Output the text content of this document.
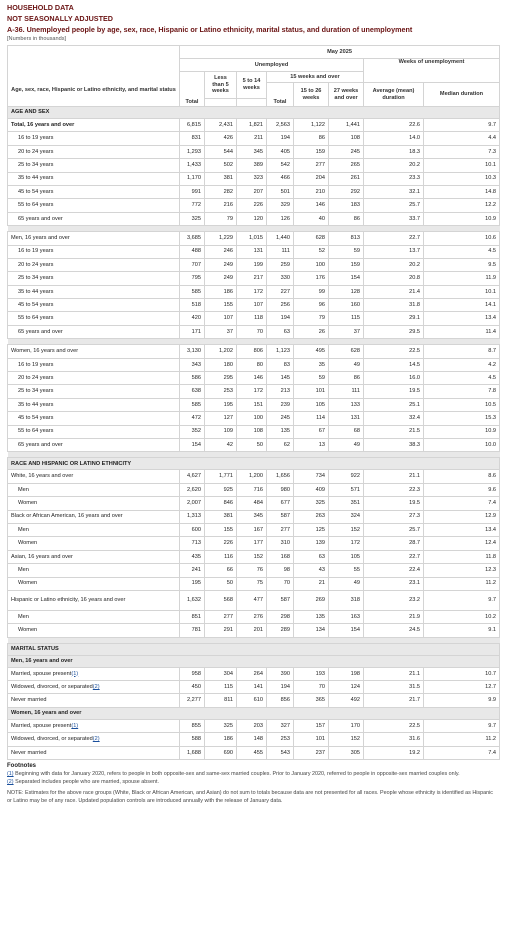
HOUSEHOLD DATA
NOT SEASONALLY ADJUSTED
A-36. Unemployed people by age, sex, race, Hispanic or Latino ethnicity, marital status, and duration of unemployment
[Numbers in thousands]
	May 2025							
	Unemployed						Weeks of unemployment	
		Less than 5 weeks	5 to 14 weeks	15 weeks and over				
Age, sex, race, Hispanic or Latino ethnicity, and marital status				Total	15 to 26 weeks	27 weeks and over	Average (mean) duration	Median duration
	Total							
AGE AND SEX								
Total, 16 years and over	6,815	2,431	1,821	2,563	1,122	1,441	22.6	9.7
16 to 19 years	831	426	211	194	86	108	14.0	4.4
20 to 24 years	1,293	544	345	405	159	245	18.3	7.3
25 to 34 years	1,433	502	389	542	277	265	20.2	10.1
35 to 44 years	1,170	381	323	466	204	261	23.3	10.3
45 to 54 years	991	282	207	501	210	292	32.1	14.8
55 to 64 years	772	216	226	329	146	183	25.7	12.2
65 years and over	325	79	120	126	40	86	33.7	10.9

Men, 16 years and over	3,685	1,229	1,015	1,440	628	813	22.7	10.6
16 to 19 years	488	246	131	111	52	59	13.7	4.5
20 to 24 years	707	249	199	259	100	159	20.2	9.5
25 to 34 years	795	249	217	330	176	154	20.8	11.9
35 to 44 years	585	186	172	227	99	128	21.4	10.1
45 to 54 years	518	155	107	256	96	160	31.8	14.1
55 to 64 years	420	107	118	194	79	115	29.1	13.4
65 years and over	171	37	70	63	26	37	29.5	11.4

Women, 16 years and over	3,130	1,202	806	1,123	495	628	22.5	8.7
16 to 19 years	343	180	80	83	35	49	14.5	4.2
20 to 24 years	586	295	146	145	59	86	16.0	4.5
25 to 34 years	638	253	172	213	101	111	19.5	7.8
35 to 44 years	585	195	151	239	105	133	25.1	10.5
45 to 54 years	472	127	100	245	114	131	32.4	15.3
55 to 64 years	352	109	108	135	67	68	21.5	10.9
65 years and over	154	42	50	62	13	49	38.3	10.0

RACE AND HISPANIC OR LATINO ETHNICITY								
White, 16 years and over	4,627	1,771	1,200	1,656	734	922	21.1	8.6
Men	2,620	925	716	980	409	571	22.3	9.6
Women	2,007	846	484	677	325	351	19.5	7.4
Black or African American, 16 years and over	1,313	381	345	587	263	324	27.3	12.9
Men	600	155	167	277	125	152	25.7	13.4
Women	713	226	177	310	139	172	28.7	12.4
Asian, 16 years and over	435	116	152	168	63	105	22.7	11.8
Men	241	66	76	98	43	55	22.4	12.3
Women	195	50	75	70	21	49	23.1	11.2
Hispanic or Latino ethnicity, 16 years and over	1,632	568	477	587	269	318	23.2	9.7
Men	851	277	276	298	135	163	21.9	10.2
Women	781	291	201	289	134	154	24.5	9.1

MARITAL STATUS								
Men, 16 years and over								
Married, spouse present(1)	958	304	264	390	193	198	21.1	10.7
Widowed, divorced, or separated(2)	450	115	141	194	70	124	31.5	12.7
Never married	2,277	811	610	856	365	492	21.7	9.9
Women, 16 years and over								
Married, spouse present(1)	855	325	203	327	157	170	22.5	9.7
Widowed, divorced, or separated(2)	588	186	148	253	101	152	31.6	11.2
Never married	1,688	690	455	543	237	305	19.2	7.4
Footnotes
(1) Beginning with data for January 2020, refers to people in both opposite-sex and same-sex married couples. Prior to January 2020, referred to people in opposite-sex married couples only.
(2) Separated includes people who are married, spouse absent.
NOTE: Estimates for the above race groups (White, Black or African American, and Asian) do not sum to totals because data are not presented for all races. People whose ethnicity is identified as Hispanic or Latino may be of any race. Updated population controls are introduced annually with the release of January data.
